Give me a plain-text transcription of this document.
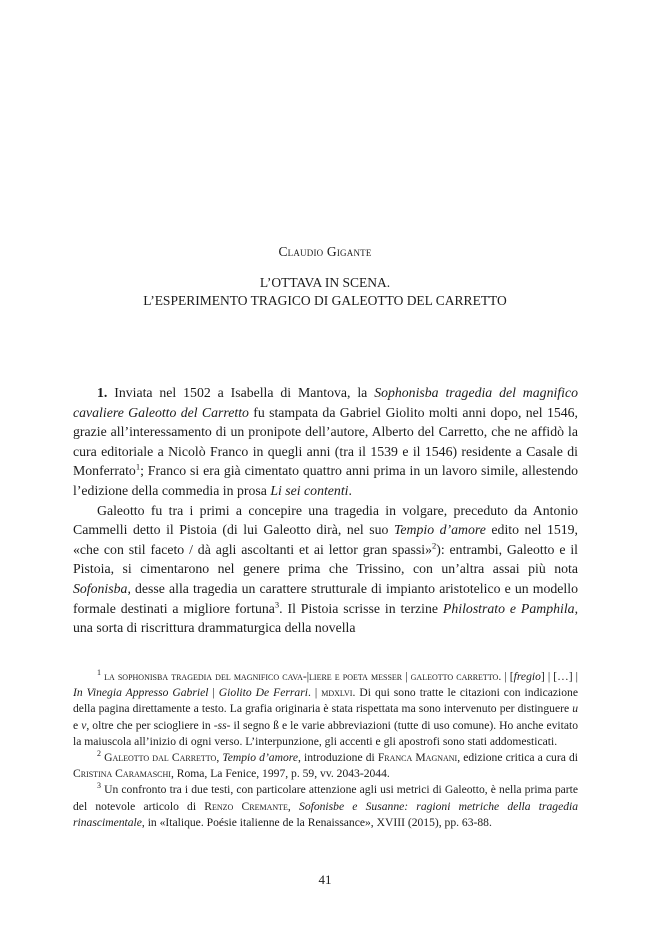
Claudio Gigante
L’OTTAVA IN SCENA.
L’ESPERIMENTO TRAGICO DI GALEOTTO DEL CARRETTO

1. Inviata nel 1502 a Isabella di Mantova, la Sophonisba tragedia del magnifico cavaliere Galeotto del Carretto fu stampata da Gabriel Giolito molti anni dopo, nel 1546, grazie all’interessamento di un pronipote dell’autore, Alberto del Carretto, che ne affidò la cura editoriale a Nicolò Franco in quegli anni (tra il 1539 e il 1546) residente a Casale di Monferrato$^1$; Franco si era già cimentato quattro anni prima in un lavoro simile, allestendo l’edizione della commedia in prosa Li sei contenti.

Galeotto fu tra i primi a concepire una tragedia in volgare, preceduto da Antonio Cammelli detto il Pistoia (di lui Galeotto dirà, nel suo Tempio d’amore edito nel 1519, «che con stil faceto / dà agli ascoltanti et ai lettor gran spassi»$^2$): entrambi, Galeotto e il Pistoia, si cimentarono nel genere prima che Trissino, con un’altra assai più nota Sofonisba, desse alla tragedia un carattere strutturale di impianto aristotelico e un modello formale destinati a migliore fortuna$^3$. Il Pistoia scrisse in terzine Philostrato e Pamphila, una sorta di riscrittura drammaturgica della novella

$^1$ la sophonisba tragedia del magnifico cava-|liere e poeta messer | galeotto carretto. | [fregio] | […] | In Vinegia Appresso Gabriel | Giolito De Ferrari. | mdxlvi. Di qui sono tratte le citazioni con indicazione della pagina direttamente a testo. La grafia originaria è stata rispettata ma sono intervenuto per distinguere u e v, oltre che per sciogliere in -ss- il segno ß e le varie abbreviazioni (tutte di uso comune). Ho anche evitato la maiuscola all’inizio di ogni verso. L’interpunzione, gli accenti e gli apostrofi sono stati addomesticati.

$^2$ Galeotto dal Carretto, Tempio d’amore, introduzione di Franca Magnani, edizione critica a cura di Cristina Caramaschi, Roma, La Fenice, 1997, p. 59, vv. 2043-2044.

$^3$ Un confronto tra i due testi, con particolare attenzione agli usi metrici di Galeotto, è nella prima parte del notevole articolo di Renzo Cremante, Sofonisbe e Susanne: ragioni metriche della tragedia rinascimentale, in «Italique. Poésie italienne de la Renaissance», XVIII (2015), pp. 63-88.

41
